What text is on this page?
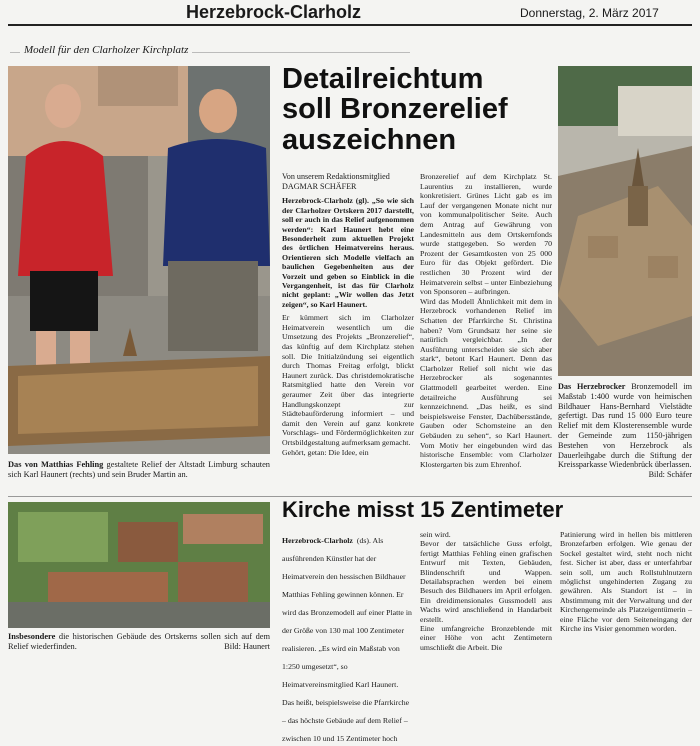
Herzebrock-Clarholz	Donnerstag, 2. März 2017
Modell für den Clarholzer Kirchplatz
Das von Matthias Fehling gestaltete Relief der Altstadt Limburg schauten sich Karl Haunert (rechts) und sein Bruder Martin an.
Detailreichtum
soll Bronzerelief
auszeichnen
Von unserem Redaktionsmitglied
DAGMAR SCHÄFER
Herzebrock-Clarholz (gl). „So wie sich der Clarholzer Ortskern 2017 darstellt, soll er auch in das Relief aufgenommen werden“: Karl Haunert hebt eine Besonderheit zum aktuellen Projekt des örtlichen Heimatvereins heraus. Orientieren sich Modelle vielfach an baulichen Gegebenheiten aus der Vorzeit und geben so Einblick in die Vergangenheit, ist das für Clarholz nicht geplant: „Wir wollen das Jetzt zeigen“, so Karl Haunert.
Er kümmert sich im Clarholzer Heimatverein wesentlich um die Umsetzung des Projekts „Bronzerelief“, das künftig auf dem Kirchplatz stehen soll. Die Initialzündung sei eigentlich durch Thomas Freitag erfolgt, blickt Haunert zurück. Das christdemokratische Ratsmitglied hatte den Verein vor geraumer Zeit über das integrierte Handlungskonzept zur Städtebauförderung informiert – und damit den Verein auf ganz konkrete Vorschlags- und Fördermöglichkeiten zur Ortsbildgestaltung aufmerksam gemacht.
Gehört, getan: Die Idee, ein
Bronzerelief auf dem Kirchplatz St. Laurentius zu installieren, wurde konkretisiert. Grünes Licht gab es im Lauf der vergangenen Monate nicht nur von kommunalpolitischer Seite. Auch dem Antrag auf Gewährung von Landesmitteln aus dem Ortskernfonds wurde stattgegeben. So werden 70 Prozent der Gesamtkosten von 25 000 Euro für das Objekt gefördert. Die restlichen 30 Prozent wird der Heimatverein selbst – unter Einbeziehung von Sponsoren – aufbringen.
Wird das Modell Ähnlichkeit mit dem in Herzebrock vorhandenen Relief im Schatten der Pfarrkirche St. Christina haben? Vom Grundsatz her seine sie natürlich vergleichbar. „In der Ausführung unterscheiden sie sich aber stark“, betont Karl Haunert. Denn das Clarholzer Relief soll nicht wie das Herzebrocker als sogenanntes Glattmodell gearbeitet werden. Eine detailreiche Ausführung sei kennzeichnend. „Das heißt, es sind beispielsweise Fenster, Dachübersstände, Gauben oder Schornsteine an den Gebäuden zu sehen“, so Karl Haunert. Vom Motiv her eingebunden wird das historische Ensemble: vom Clarholzer Klostergarten bis zum Ehrenhof.
Das Herzebrocker Bronzemodell im Maßstab 1:400 wurde von heimischen Bildhauer Hans-Bernhard Vielstädte gefertigt. Das rund 15 000 Euro teure Relief mit dem Klosterensemble wurde der Gemeinde zum 1150-jährigen Bestehen von Herzebrock als Dauerleihgabe durch die Stiftung der Kreissparkasse Wiedenbrück überlassen.
Bild: Schäfer
Kirche misst 15 Zentimeter
Insbesondere die historischen Gebäude des Ortskerns sollen sich auf dem Relief wiederfinden.	Bild: Haunert
Herzebrock-Clarholz (ds). Als ausführenden Künstler hat der Heimatverein den hessischen Bildhauer Matthias Fehling gewinnen können. Er wird das Bronzemodell auf einer Platte in der Größe von 130 mal 100 Zentimeter realisieren. „Es wird ein Maßstab von 1:250 umgesetzt“, so Heimatvereinsmitglied Karl Haunert. Das heißt, beispielsweise die Pfarrkirche – das höchste Gebäude auf dem Relief – zwischen 10 und 15 Zentimeter hoch
sein wird.
Bevor der tatsächliche Guss erfolgt, fertigt Matthias Fehling einen grafischen Entwurf mit Texten, Gebäuden, Blindenschrift und Wappen. Detailabsprachen werden bei einem Besuch des Bildhauers im April erfolgen. Ein dreidimensionales Gussmodell aus Wachs wird anschließend in Handarbeit erstellt.
Eine umfangreiche Bronzeblende mit einer Höhe von acht Zentimetern umschließt die Arbeit. Die
Patinierung wird in hellen bis mittleren Bronzefarben erfolgen. Wie genau der Sockel gestaltet wird, steht noch nicht fest. Sicher ist aber, dass er unterfahrbar sein soll, um auch Rollstuhlnutzern möglichst ungehinderten Zugang zu gewähren. Als Standort ist – in Abstimmung mit der Verwaltung und der Kirchengemeinde als Platzeigentümerin – eine Fläche vor dem Seiteneingang der Kirche ins Visier genommen worden.
